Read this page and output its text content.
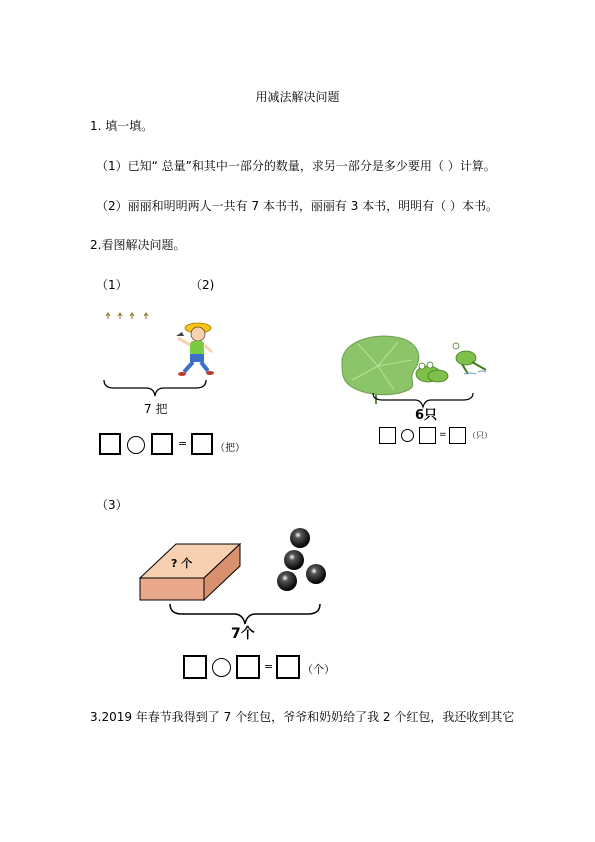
用减法解决问题
1. 填一填。
（1）已知“ 总量”和其中一部分的数量，求另一部分是多少要用（ ）计算。
（2）丽丽和明明两人一共有 7 本书书，丽丽有 3 本书，明明有（ ）本书。
2.看图解决问题。
（1）	（2)
7 把
=	（把）
6只
=	（只）
（3）
? 个
7个
=	（个）
3.2019 年春节我得到了 7 个红包，爷爷和奶奶给了我 2 个红包，我还收到其它
